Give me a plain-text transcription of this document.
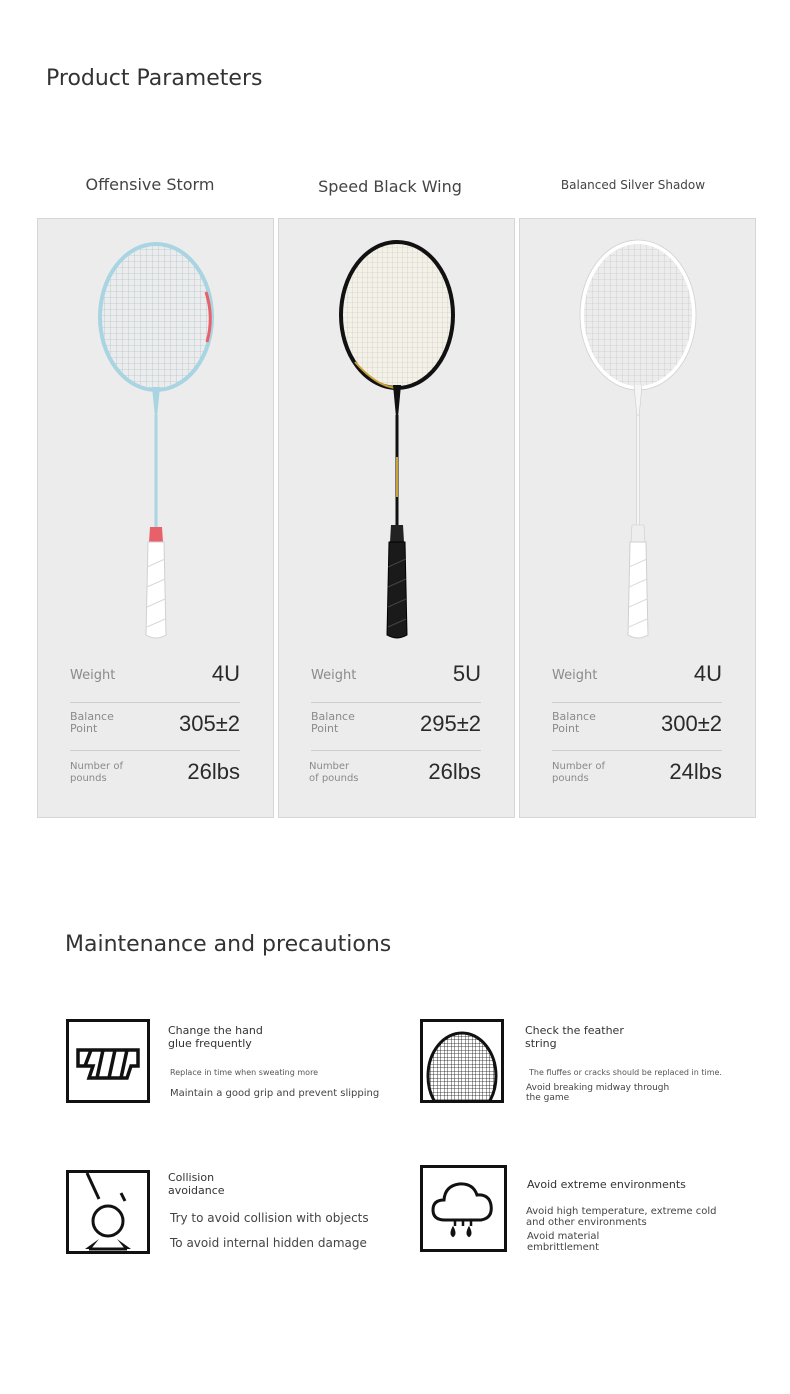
Product Parameters
Offensive Storm	Speed Black Wing	Balanced Silver Shadow
Weight	4U
Balance
Point	305±2
Number of
pounds	26lbs
Weight	5U
Balance
Point	295±2
Number
of pounds	26lbs
Weight	4U
Balance
Point	300±2
Number of
pounds	24lbs
Maintenance and precautions
Change the hand
glue frequently
Replace in time when sweating more
Maintain a good grip and prevent slipping
Check the feather
string
The fluffes or cracks should be replaced in time.
Avoid breaking midway through
the game
Collision
avoidance
Try to avoid collision with objects
To avoid internal hidden damage
Avoid extreme environments
Avoid high temperature, extreme cold
and other environments
Avoid material
embrittlement
